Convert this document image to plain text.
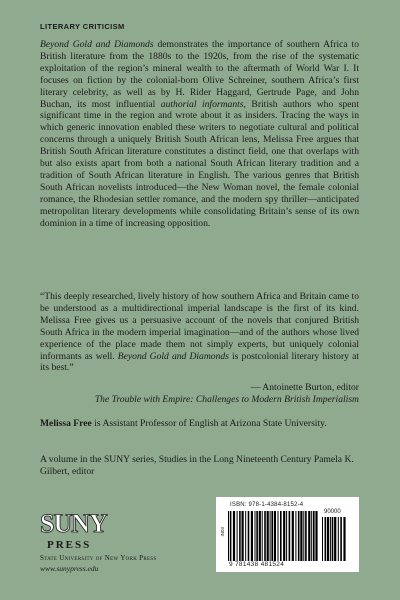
LITERARY CRITICISM

Beyond Gold and Diamonds demonstrates the importance of southern Africa to British literature from the 1880s to the 1920s, from the rise of the systematic exploitation of the region’s mineral wealth to the aftermath of World War I. It focuses on fiction by the colonial-born Olive Schreiner, southern Africa’s first literary celebrity, as well as by H. Rider Haggard, Gertrude Page, and John Buchan, its most influential authorial informants, British authors who spent significant time in the region and wrote about it as insiders. Tracing the ways in which generic innovation enabled these writers to negotiate cultural and political concerns through a uniquely British South African lens, Melissa Free argues that British South African literature constitutes a distinct field, one that overlaps with but also exists apart from both a national South African literary tradition and a tradition of South African literature in English. The various genres that British South African novelists introduced—the New Woman novel, the female colonial romance, the Rhodesian settler romance, and the modern spy thriller—anticipated metropolitan literary developments while consolidating Britain’s sense of its own dominion in a time of increasing opposition.

“This deeply researched, lively history of how southern Africa and Britain came to be understood as a multidirectional imperial landscape is the first of its kind. Melissa Free gives us a persuasive account of the novels that conjured British South Africa in the modern imperial imagination—and of the authors whose lived experience of the place made them not simply experts, but uniquely colonial informants as well. Beyond Gold and Diamonds is postcolonial literary history at its best.”

— Antoinette Burton, editor
The Trouble with Empire: Challenges to Modern British Imperialism

Melissa Free is Assistant Professor of English at Arizona State University.

A volume in the SUNY series, Studies in the Long Nineteenth Century Pamela K. Gilbert, editor

SUNY
PRESS
State University of New York Press
www.sunypress.edu
ISBN: 978-1-4384-8152-4
IN03
90000
9 781438 481524
